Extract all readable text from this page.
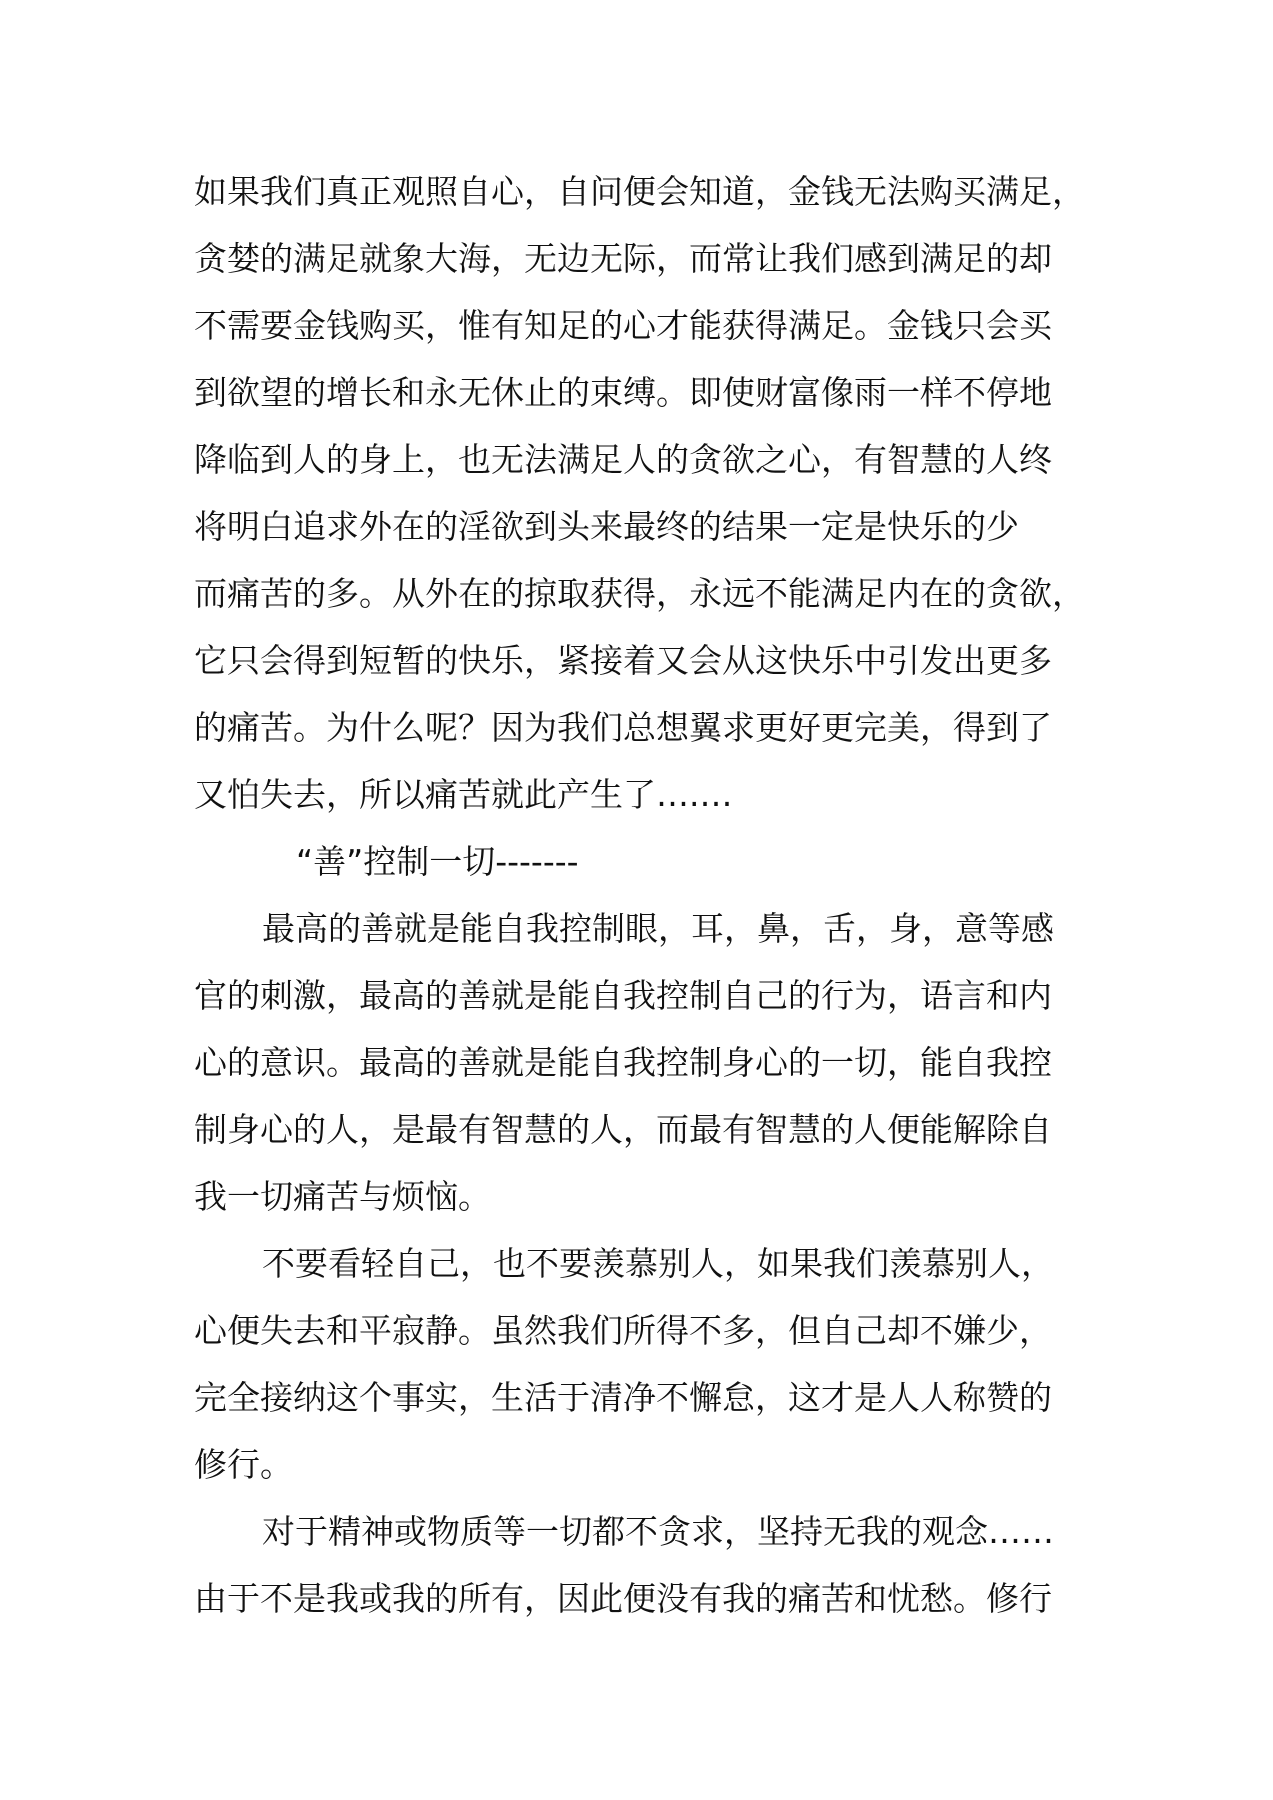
如果我们真正观照自心，自问便会知道，金钱无法购买满足，
贪婪的满足就象大海，无边无际，而常让我们感到满足的却
不需要金钱购买，惟有知足的心才能获得满足。金钱只会买
到欲望的增长和永无休止的束缚。即使财富像雨一样不停地
降临到人的身上，也无法满足人的贪欲之心，有智慧的人终
将明白追求外在的淫欲到头来最终的结果一定是快乐的少
而痛苦的多。从外在的掠取获得，永远不能满足内在的贪欲，
它只会得到短暂的快乐，紧接着又会从这快乐中引发出更多
的痛苦。为什么呢？因为我们总想翼求更好更完美，得到了
又怕失去，所以痛苦就此产生了….…
“善”控制一切-------
最高的善就是能自我控制眼，耳，鼻，舌，身，意等感
官的刺激，最高的善就是能自我控制自己的行为，语言和内
心的意识。最高的善就是能自我控制身心的一切，能自我控
制身心的人，是最有智慧的人，而最有智慧的人便能解除自
我一切痛苦与烦恼。
不要看轻自己，也不要羡慕别人，如果我们羡慕别人，
心便失去和平寂静。虽然我们所得不多，但自己却不嫌少，
完全接纳这个事实，生活于清净不懈怠，这才是人人称赞的
修行。
对于精神或物质等一切都不贪求，坚持无我的观念……
由于不是我或我的所有，因此便没有我的痛苦和忧愁。修行
